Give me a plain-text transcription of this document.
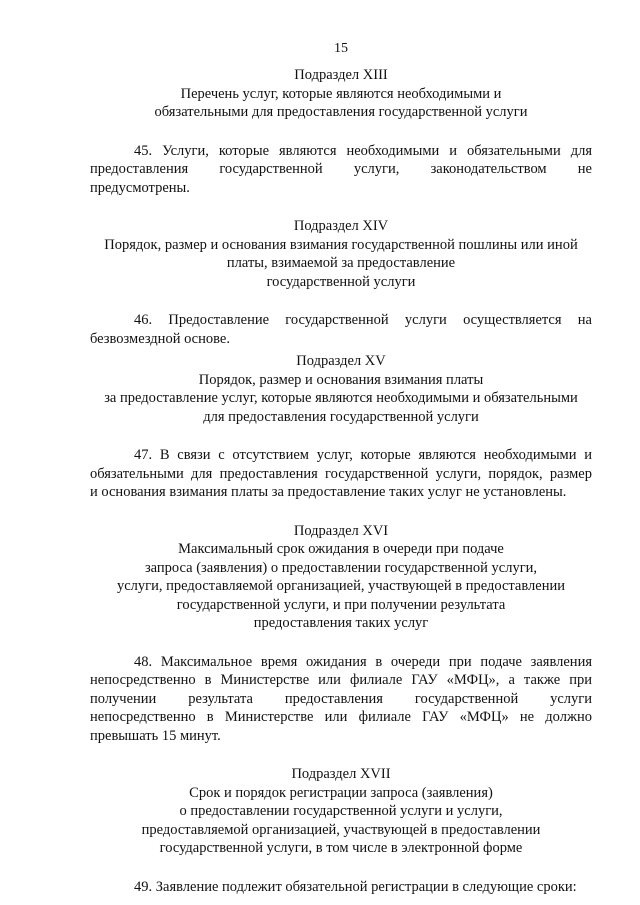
15
Подраздел XIII
Перечень услуг, которые являются необходимыми и
обязательными для предоставления государственной услуги
45. Услуги, которые являются необходимыми и обязательными для
предоставления государственной услуги, законодательством не
предусмотрены.
Подраздел XIV
Порядок, размер и основания взимания государственной пошлины или иной
платы, взимаемой за предоставление
государственной услуги
46. Предоставление государственной услуги осуществляется на
безвозмездной основе.
Подраздел XV
Порядок, размер и основания взимания платы
за предоставление услуг, которые являются необходимыми и обязательными
для предоставления государственной услуги
47. В связи с отсутствием услуг, которые являются необходимыми и
обязательными для предоставления государственной услуги, порядок, размер
и основания взимания платы за предоставление таких услуг не установлены.
Подраздел XVI
Максимальный срок ожидания в очереди при подаче
запроса (заявления) о предоставлении государственной услуги,
услуги, предоставляемой организацией, участвующей в предоставлении
государственной услуги, и при получении результата
предоставления таких услуг
48. Максимальное время ожидания в очереди при подаче заявления
непосредственно в Министерстве или филиале ГАУ «МФЦ», а также при
получении результата предоставления государственной услуги
непосредственно в Министерстве или филиале ГАУ «МФЦ» не должно
превышать 15 минут.
Подраздел XVII
Срок и порядок регистрации запроса (заявления)
о предоставлении государственной услуги и услуги,
предоставляемой организацией, участвующей в предоставлении
государственной услуги, в том числе в электронной форме
49. Заявление подлежит обязательной регистрации в следующие сроки:
